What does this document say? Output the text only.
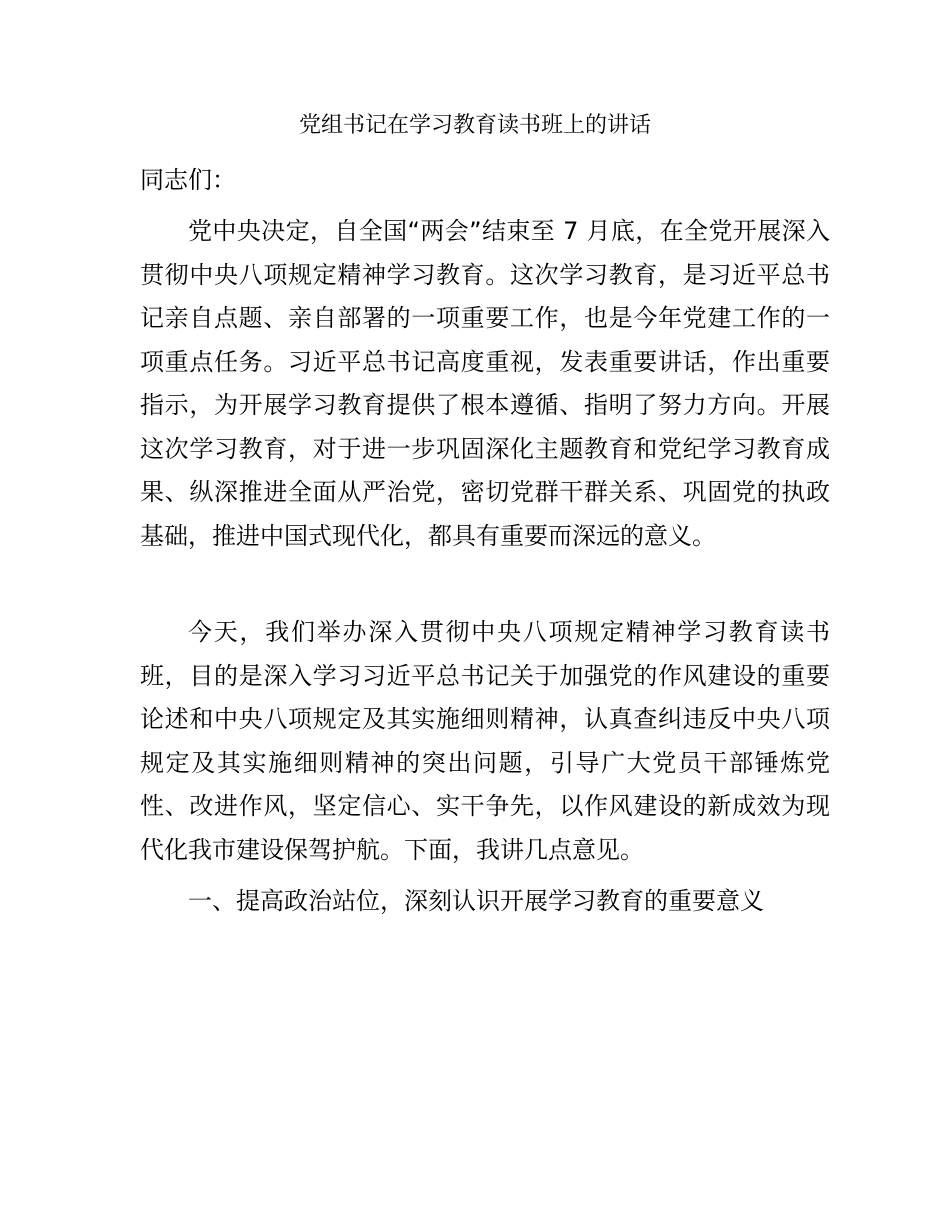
党组书记在学习教育读书班上的讲话

同志们：

党中央决定，自全国“两会”结束至 7 月底，在全党开展深入贯彻中央八项规定精神学习教育。这次学习教育，是习近平总书记亲自点题、亲自部署的一项重要工作，也是今年党建工作的一项重点任务。习近平总书记高度重视，发表重要讲话，作出重要指示，为开展学习教育提供了根本遵循、指明了努力方向。开展这次学习教育，对于进一步巩固深化主题教育和党纪学习教育成果、纵深推进全面从严治党，密切党群干群关系、巩固党的执政基础，推进中国式现代化，都具有重要而深远的意义。

今天，我们举办深入贯彻中央八项规定精神学习教育读书班，目的是深入学习习近平总书记关于加强党的作风建设的重要论述和中央八项规定及其实施细则精神，认真查纠违反中央八项规定及其实施细则精神的突出问题，引导广大党员干部锤炼党性、改进作风，坚定信心、实干争先，以作风建设的新成效为现代化我市建设保驾护航。下面，我讲几点意见。

一、提高政治站位，深刻认识开展学习教育的重要意义
